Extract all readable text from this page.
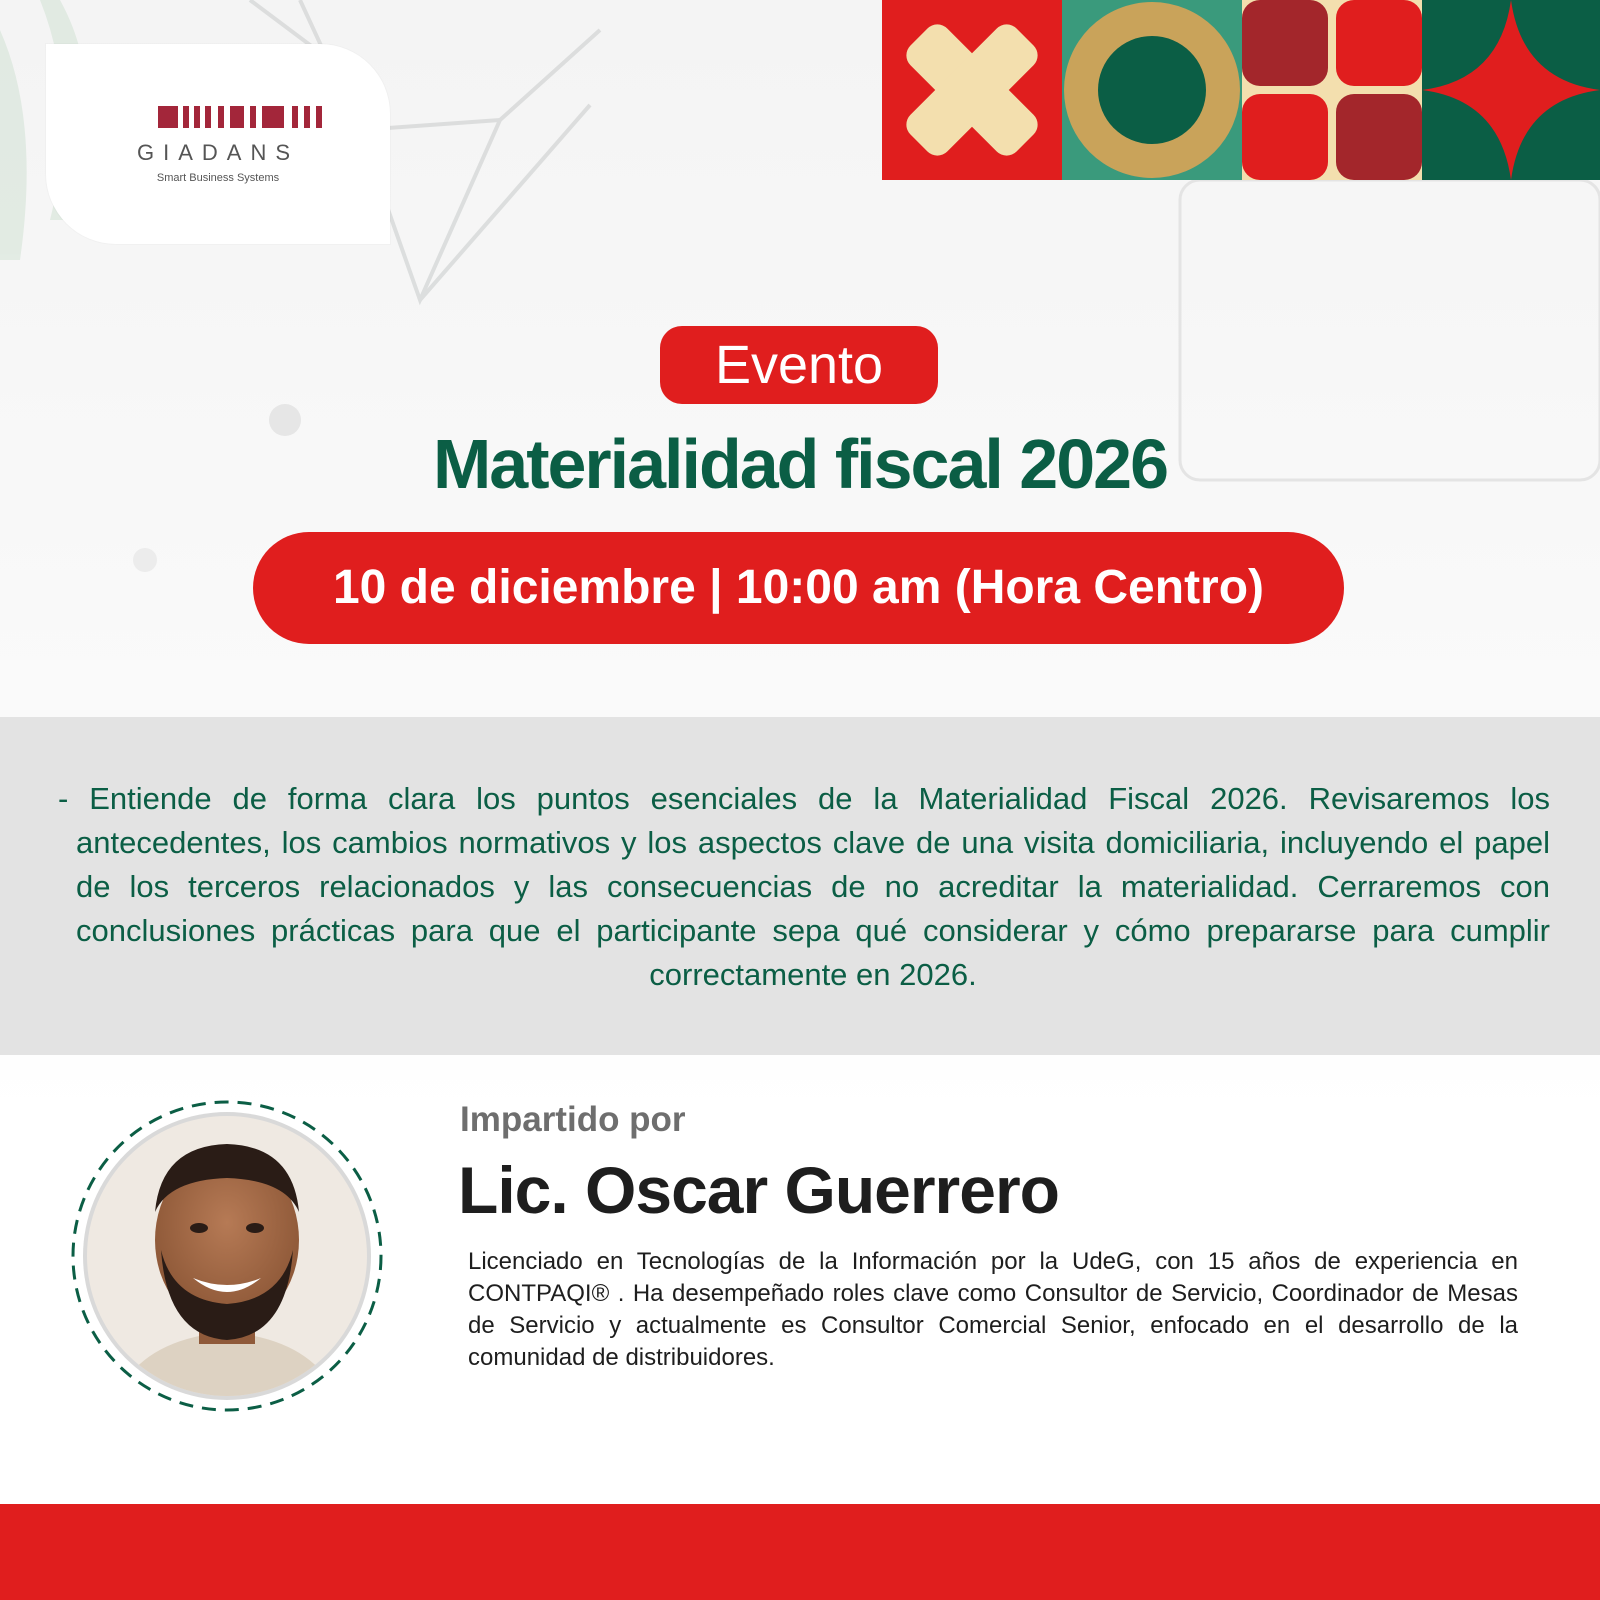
GIADANS
Smart Business Systems
Evento
Materialidad fiscal 2026
10 de diciembre | 10:00 am (Hora Centro)
- Entiende de forma clara los puntos esenciales de la Materialidad Fiscal 2026. Revisaremos los antecedentes, los cambios normativos y los aspectos clave de una visita domiciliaria, incluyendo el papel de los terceros relacionados y las consecuencias de no acreditar la materialidad. Cerraremos con conclusiones prácticas para que el participante sepa qué considerar y cómo prepararse para cumplir correctamente en 2026.
Impartido por
Lic. Oscar Guerrero
Licenciado en Tecnologías de la Información por la UdeG, con 15 años de experiencia en CONTPAQI® . Ha desempeñado roles clave como Consultor de Servicio, Coordinador de Mesas de Servicio y actualmente es Consultor Comercial Senior, enfocado en el desarrollo de la comunidad de distribuidores.
